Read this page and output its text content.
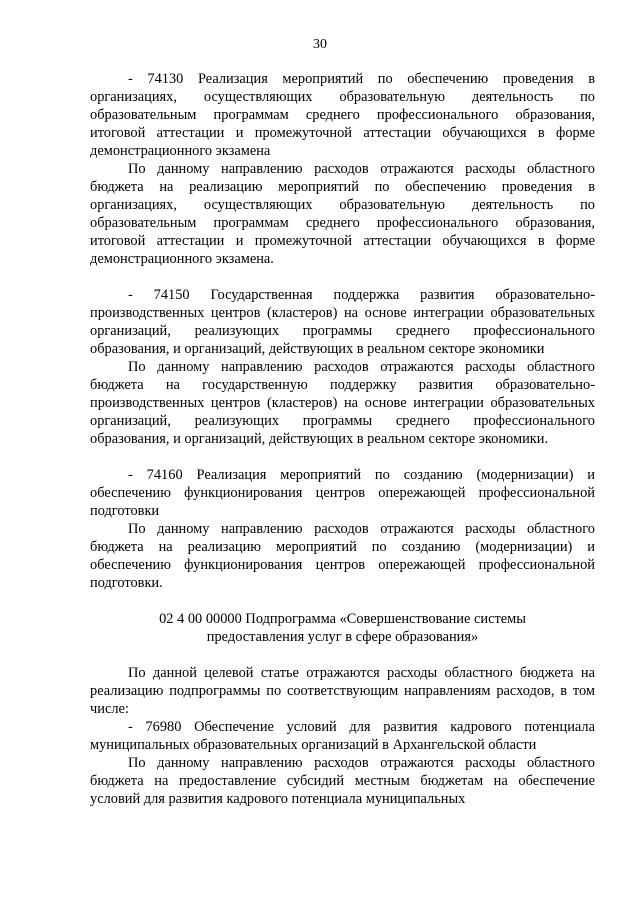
30

- 74130 Реализация мероприятий по обеспечению проведения в организациях, осуществляющих образовательную деятельность по образовательным программам среднего профессионального образования, итоговой аттестации и промежуточной аттестации обучающихся в форме демонстрационного экзамена

По данному направлению расходов отражаются расходы областного бюджета на реализацию мероприятий по обеспечению проведения в организациях, осуществляющих образовательную деятельность по образовательным программам среднего профессионального образования, итоговой аттестации и промежуточной аттестации обучающихся в форме демонстрационного экзамена.

- 74150 Государственная поддержка развития образовательно-производственных центров (кластеров) на основе интеграции образовательных организаций, реализующих программы среднего профессионального образования, и организаций, действующих в реальном секторе экономики

По данному направлению расходов отражаются расходы областного бюджета на государственную поддержку развития образовательно-производственных центров (кластеров) на основе интеграции образовательных организаций, реализующих программы среднего профессионального образования, и организаций, действующих в реальном секторе экономики.

- 74160 Реализация мероприятий по созданию (модернизации) и обеспечению функционирования центров опережающей профессиональной подготовки

По данному направлению расходов отражаются расходы областного бюджета на реализацию мероприятий по созданию (модернизации) и обеспечению функционирования центров опережающей профессиональной подготовки.

02 4 00 00000 Подпрограмма «Совершенствование системы предоставления услуг в сфере образования»

По данной целевой статье отражаются расходы областного бюджета на реализацию подпрограммы по соответствующим направлениям расходов, в том числе:

- 76980 Обеспечение условий для развития кадрового потенциала муниципальных образовательных организаций в Архангельской области

По данному направлению расходов отражаются расходы областного бюджета на предоставление субсидий местным бюджетам на обеспечение условий для развития кадрового потенциала муниципальных
